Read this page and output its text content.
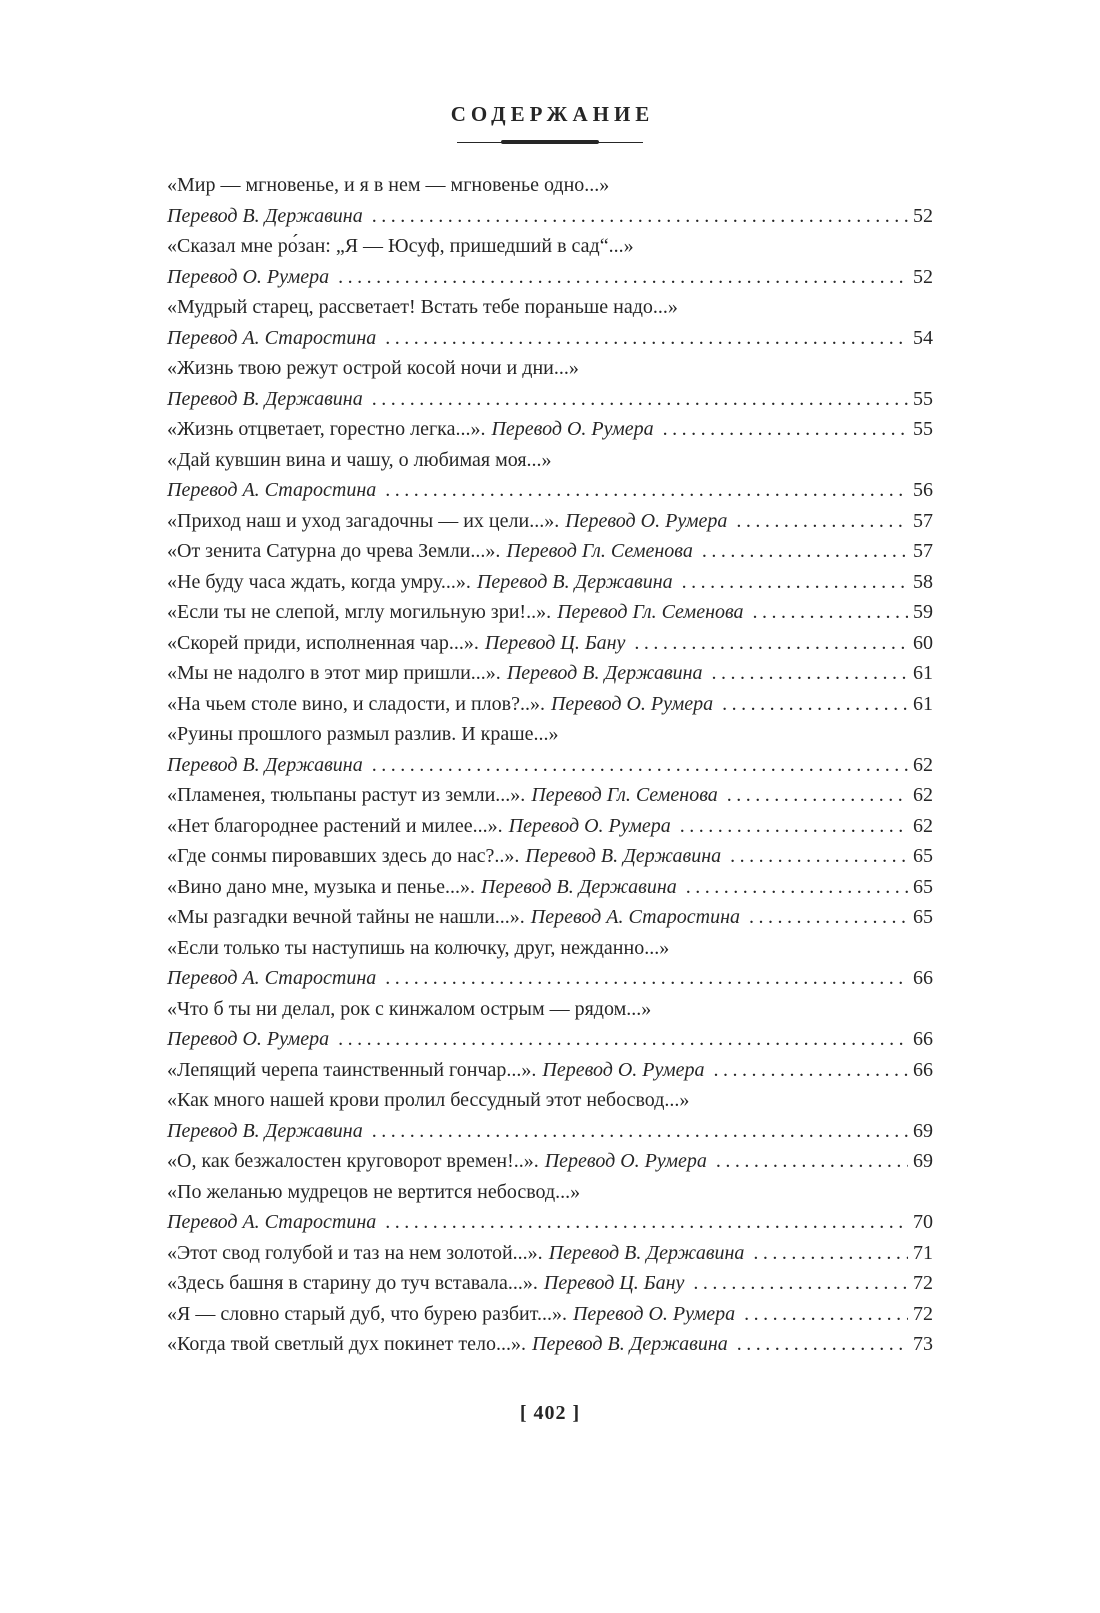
СОДЕРЖАНИЕ
«Мир — мгновенье, и я в нем — мгновенье одно...»
Перевод В. Державина .....	52
«Сказал мне ро́зан: „Я — Юсуф, пришедший в сад“...»
Перевод О. Румера .....	52
«Мудрый старец, рассветает! Встать тебе пораньше надо...»
Перевод А. Старостина .....	54
«Жизнь твою режут острой косой ночи и дни...»
Перевод В. Державина .....	55
«Жизнь отцветает, горестно легка...». Перевод О. Румера .....	55
«Дай кувшин вина и чашу, о любимая моя...»
Перевод А. Старостина .....	56
«Приход наш и уход загадочны — их цели...». Перевод О. Румера .....	57
«От зенита Сатурна до чрева Земли...». Перевод Гл. Семенова .....	57
«Не буду часа ждать, когда умру...». Перевод В. Державина .....	58
«Если ты не слепой, мглу могильную зри!..». Перевод Гл. Семенова .....	59
«Скорей приди, исполненная чар...». Перевод Ц. Бану .....	60
«Мы не надолго в этот мир пришли...». Перевод В. Державина .....	61
«На чьем столе вино, и сладости, и плов?..». Перевод О. Румера .....	61
«Руины прошлого размыл разлив. И краше...»
Перевод В. Державина .....	62
«Пламенея, тюльпаны растут из земли...». Перевод Гл. Семенова .....	62
«Нет благороднее растений и милее...». Перевод О. Румера .....	62
«Где сонмы пировавших здесь до нас?..». Перевод В. Державина .....	65
«Вино дано мне, музыка и пенье...». Перевод В. Державина .....	65
«Мы разгадки вечной тайны не нашли...». Перевод А. Старостина .....	65
«Если только ты наступишь на колючку, друг, нежданно...»
Перевод А. Старостина .....	66
«Что б ты ни делал, рок с кинжалом острым — рядом...»
Перевод О. Румера .....	66
«Лепящий черепа таинственный гончар...». Перевод О. Румера .....	66
«Как много нашей крови пролил бессудный этот небосвод...»
Перевод В. Державина .....	69
«О, как безжалостен круговорот времен!..». Перевод О. Румера .....	69
«По желанью мудрецов не вертится небосвод...»
Перевод А. Старостина .....	70
«Этот свод голубой и таз на нем золотой...». Перевод В. Державина .....	71
«Здесь башня в старину до туч вставала...». Перевод Ц. Бану .....	72
«Я — словно старый дуб, что бурею разбит...». Перевод О. Румера .....	72
«Когда твой светлый дух покинет тело...». Перевод В. Державина .....	73
[ 402 ]
